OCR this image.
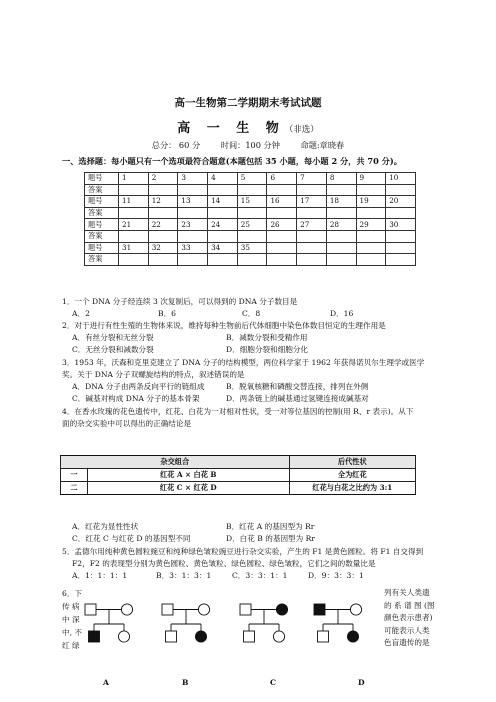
高一生物第二学期期末考试试题
高 一 生 物（非选）
总分： 60 分	时间：100 分钟	命题:章晓春
一、选择题：每小题只有一个选项最符合题意(本题包括 35 小题，每小题 2 分，共 70 分)。
题号	1	2	3	4	5	6	7	8	9	10
答案										
题号	11	12	13	14	15	16	17	18	19	20
答案										
题号	21	22	23	24	25	26	27	28	29	30
答案										
题号	31	32	33	34	35					
答案										
1．一个 DNA 分子经连续 3 次复制后，可以得到的 DNA 分子数目是
A．2	B．6	C．8	D．16
2．对于进行有性生殖的生物体来说，维持每种生物前后代体细胞中染色体数目恒定的生理作用是
A．有丝分裂和无丝分裂	B．减数分裂和受精作用
C．无丝分裂和减数分裂	D．细胞分裂和细胞分化
3．1953 年，沃森和克里克建立了 DNA 分子的结构模型，两位科学家于 1962 年获得诺贝尔生理学或医学
奖。关于 DNA 分子双螺旋结构的特点，叙述错误的是
A．DNA 分子由两条反向平行的链组成	B．脱氧核糖和磷酸交替连接，排列在外侧
C．碱基对构成 DNA 分子的基本骨架	D．两条链上的碱基通过氢键连接成碱基对
4．在香水玫瑰的花色遗传中，红花、白花为一对相对性状，受一对等位基因的控制(用 R、r 表示)。从下
面的杂交实验中可以得出的正确结论是
杂交组合		后代性状
一	红花 A × 白花 B	全为红花
二	红花 C × 红花 D	红花与白花之比约为 3:1
A．红花为显性性状	B．红花 A 的基因型为 Rr
C．红花 C 与红花 D 的基因型不同	D．白花 B 的基因型为 Rr
5．孟德尔用纯种黄色圆粒豌豆和纯种绿色皱粒豌豆进行杂交实验，产生的 F1 是黄色圆粒。将 F1 自交得到
F2，F2 的表现型分别为黄色圆粒、黄色皱粒、绿色圆粒、绿色皱粒，它们之间的数量比是
A．1：1：1：1	B．3：1：3：1	C．3：3：1：1	D．9：3：3：1
6．下
传 病
中 深
中, 不
红 绿
列有关人类遗
的 系 谱 图 (图
颜色表示患者)
可能表示人类
色盲遗传的是
A	B	C	D
